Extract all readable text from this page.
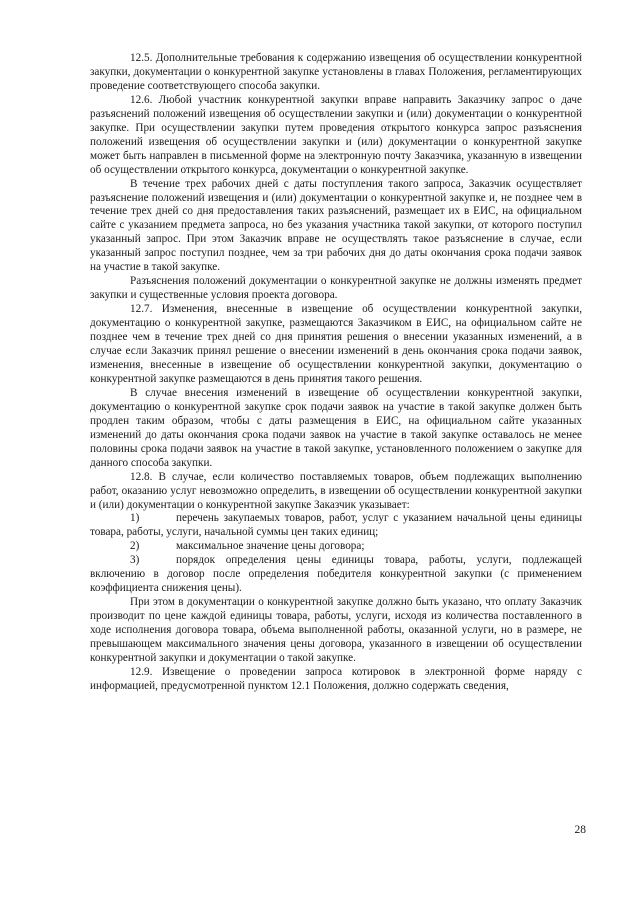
12.5. Дополнительные требования к содержанию извещения об осуществлении конкурентной закупки, документации о конкурентной закупке установлены в главах Положения, регламентирующих проведение соответствующего способа закупки.

12.6. Любой участник конкурентной закупки вправе направить Заказчику запрос о даче разъяснений положений извещения об осуществлении закупки и (или) документации о конкурентной закупке. При осуществлении закупки путем проведения открытого конкурса запрос разъяснения положений извещения об осуществлении закупки и (или) документации о конкурентной закупке может быть направлен в письменной форме на электронную почту Заказчика, указанную в извещении об осуществлении открытого конкурса, документации о конкурентной закупке.

В течение трех рабочих дней с даты поступления такого запроса, Заказчик осуществляет разъяснение положений извещения и (или) документации о конкурентной закупке и, не позднее чем в течение трех дней со дня предоставления таких разъяснений, размещает их в ЕИС, на официальном сайте с указанием предмета запроса, но без указания участника такой закупки, от которого поступил указанный запрос. При этом Заказчик вправе не осуществлять такое разъяснение в случае, если указанный запрос поступил позднее, чем за три рабочих дня до даты окончания срока подачи заявок на участие в такой закупке.

Разъяснения положений документации о конкурентной закупке не должны изменять предмет закупки и существенные условия проекта договора.

12.7. Изменения, внесенные в извещение об осуществлении конкурентной закупки, документацию о конкурентной закупке, размещаются Заказчиком в ЕИС, на официальном сайте не позднее чем в течение трех дней со дня принятия решения о внесении указанных изменений, а в случае если Заказчик принял решение о внесении изменений в день окончания срока подачи заявок, изменения, внесенные в извещение об осуществлении конкурентной закупки, документацию о конкурентной закупке размещаются в день принятия такого решения.

В случае внесения изменений в извещение об осуществлении конкурентной закупки, документацию о конкурентной закупке срок подачи заявок на участие в такой закупке должен быть продлен таким образом, чтобы с даты размещения в ЕИС, на официальном сайте указанных изменений до даты окончания срока подачи заявок на участие в такой закупке оставалось не менее половины срока подачи заявок на участие в такой закупке, установленного положением о закупке для данного способа закупки.

12.8. В случае, если количество поставляемых товаров, объем подлежащих выполнению работ, оказанию услуг невозможно определить, в извещении об осуществлении конкурентной закупки и (или) документации о конкурентной закупке Заказчик указывает:

1)	перечень закупаемых товаров, работ, услуг с указанием начальной цены единицы товара, работы, услуги, начальной суммы цен таких единиц;

2)	максимальное значение цены договора;

3)	порядок определения цены единицы товара, работы, услуги, подлежащей включению в договор после определения победителя конкурентной закупки (с применением коэффициента снижения цены).

При этом в документации о конкурентной закупке должно быть указано, что оплату Заказчик производит по цене каждой единицы товара, работы, услуги, исходя из количества поставленного в ходе исполнения договора товара, объема выполненной работы, оказанной услуги, но в размере, не превышающем максимального значения цены договора, указанного в извещении об осуществлении конкурентной закупки и документации о такой закупке.

12.9. Извещение о проведении запроса котировок в электронной форме наряду с информацией, предусмотренной пунктом 12.1 Положения, должно содержать сведения,

28
